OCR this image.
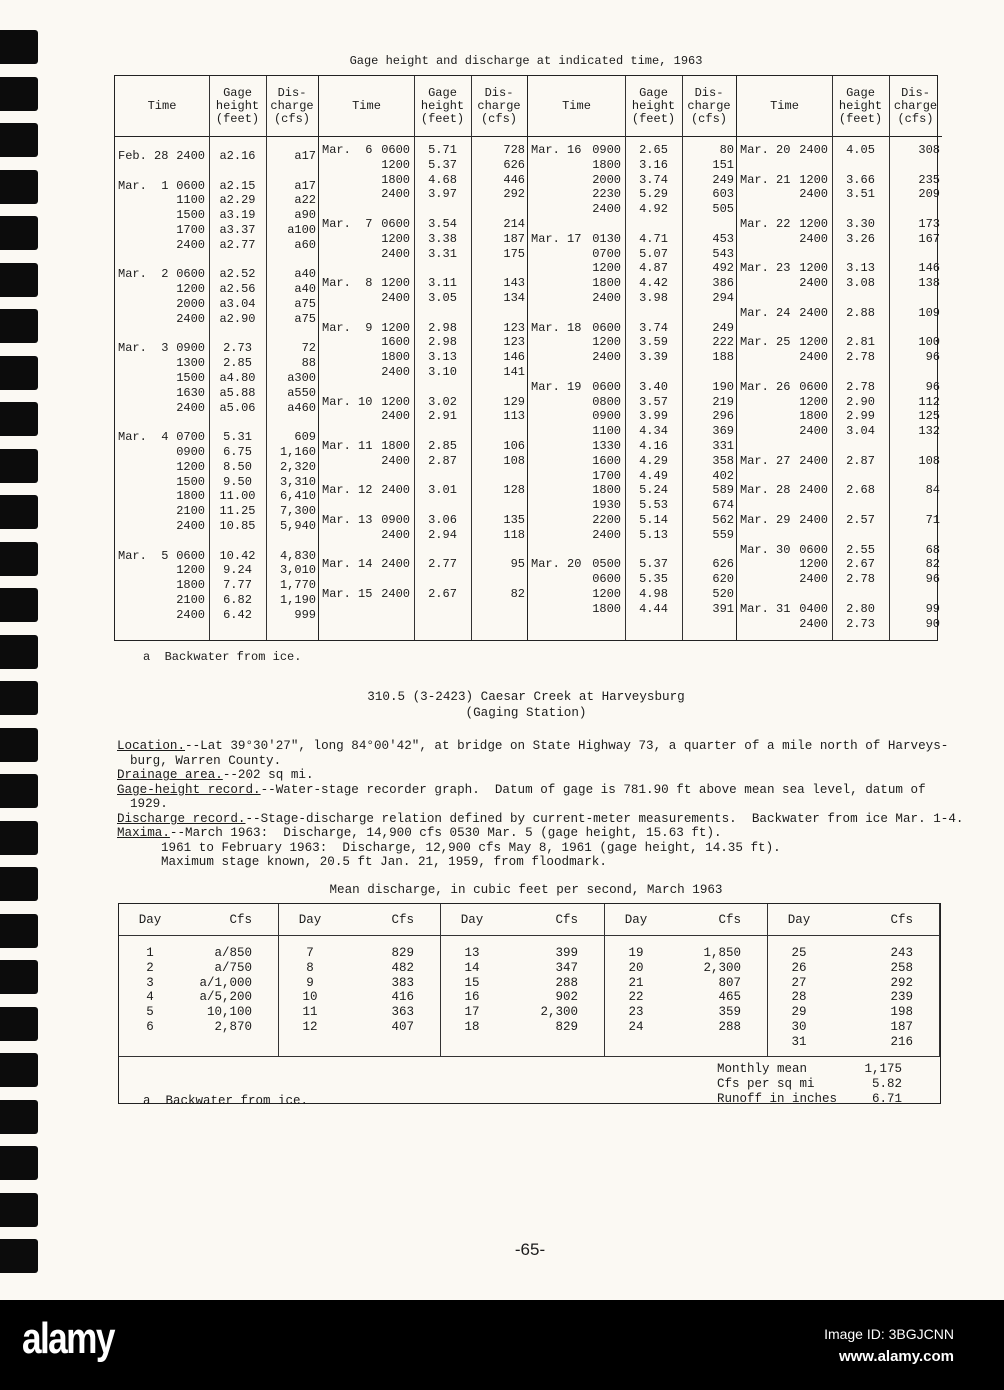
Gage height and discharge at indicated time, 1963
Time
Gage
height
(feet)
Dis-
charge
(cfs)
Feb. 28 2400	a2.16	a17
Mar.  1 0600	a2.15	a17
1100	a2.29	a22
1500	a3.19	a90
1700	a3.37	a100
2400	a2.77	a60
Mar.  2 0600	a2.52	a40
1200	a2.56	a40
2000	a3.04	a75
2400	a2.90	a75
Mar.  3 0900	2.73	72
1300	2.85	88
1500	a4.80	a300
1630	a5.88	a550
2400	a5.06	a460
Mar.  4 0700	5.31	609
0900	6.75	1,160
1200	8.50	2,320
1500	9.50	3,310
1800	11.00	6,410
2100	11.25	7,300
2400	10.85	5,940
Mar.  5 0600	10.42	4,830
1200	9.24	3,010
1800	7.77	1,770
2100	6.82	1,190
2400	6.42	999
Time
Gage
height
(feet)
Dis-
charge
(cfs)
Mar.  6 0600	5.71	728
1200	5.37	626
1800	4.68	446
2400	3.97	292
Mar.  7 0600	3.54	214
1200	3.38	187
2400	3.31	175
Mar.  8 1200	3.11	143
2400	3.05	134
Mar.  9 1200	2.98	123
1600	2.98	123
1800	3.13	146
2400	3.10	141
Mar. 10 1200	3.02	129
2400	2.91	113
Mar. 11 1800	2.85	106
2400	2.87	108
Mar. 12 2400	3.01	128
Mar. 13 0900	3.06	135
2400	2.94	118
Mar. 14 2400	2.77	95
Mar. 15 2400	2.67	82
Time
Gage
height
(feet)
Dis-
charge
(cfs)
Mar. 16 0900	2.65	80
1800	3.16	151
2000	3.74	249
2230	5.29	603
2400	4.92	505
Mar. 17 0130	4.71	453
0700	5.07	543
1200	4.87	492
1800	4.42	386
2400	3.98	294
Mar. 18 0600	3.74	249
1200	3.59	222
2400	3.39	188
Mar. 19 0600	3.40	190
0800	3.57	219
0900	3.99	296
1100	4.34	369
1330	4.16	331
1600	4.29	358
1700	4.49	402
1800	5.24	589
1930	5.53	674
2200	5.14	562
2400	5.13	559
Mar. 20 0500	5.37	626
0600	5.35	620
1200	4.98	520
1800	4.44	391
Time
Gage
height
(feet)
Dis-
charge
(cfs)
Mar. 20 2400	4.05	308
Mar. 21 1200	3.66	235
2400	3.51	209
Mar. 22 1200	3.30	173
2400	3.26	167
Mar. 23 1200	3.13	146
2400	3.08	138
Mar. 24 2400	2.88	109
Mar. 25 1200	2.81	100
2400	2.78	96
Mar. 26 0600	2.78	96
1200	2.90	112
1800	2.99	125
2400	3.04	132
Mar. 27 2400	2.87	108
Mar. 28 2400	2.68	84
Mar. 29 2400	2.57	71
Mar. 30 0600	2.55	68
1200	2.67	82
2400	2.78	96
Mar. 31 0400	2.80	99
2400	2.73	90
a  Backwater from ice.
310.5 (3-2423) Caesar Creek at Harveysburg
(Gaging Station)
Location.--Lat 39°30'27", long 84°00'42", at bridge on State Highway 73, a quarter of a mile north of Harveys-
burg, Warren County.
Drainage area.--202 sq mi.
Gage-height record.--Water-stage recorder graph.  Datum of gage is 781.90 ft above mean sea level, datum of
1929.
Discharge record.--Stage-discharge relation defined by current-meter measurements.  Backwater from ice Mar. 1-4.
Maxima.--March 1963:  Discharge, 14,900 cfs 0530 Mar. 5 (gage height, 15.63 ft).
1961 to February 1963:  Discharge, 12,900 cfs May 8, 1961 (gage height, 14.35 ft).
Maximum stage known, 20.5 ft Jan. 21, 1959, from floodmark.
Mean discharge, in cubic feet per second, March 1963
Day	Cfs
25	243
26	258
27	292
28	239
29	198
30	187
31	216
Day	Cfs
19	1,850
20	2,300
21	807
22	465
23	359
24	288
Day	Cfs
13	399
14	347
15	288
16	902
17	2,300
18	829
Day	Cfs
7	829
8	482
9	383
10	416
11	363
12	407
Day	Cfs
1	a/850
2	a/750
3	a/1,000
4	a/5,200
5	10,100
6	2,870
Monthly mean	1,175
Cfs per sq mi	5.82
Runoff in inches	6.71
a  Backwater from ice.
-65-
alamy	Image ID: 3BGJCNN
www.alamy.com
